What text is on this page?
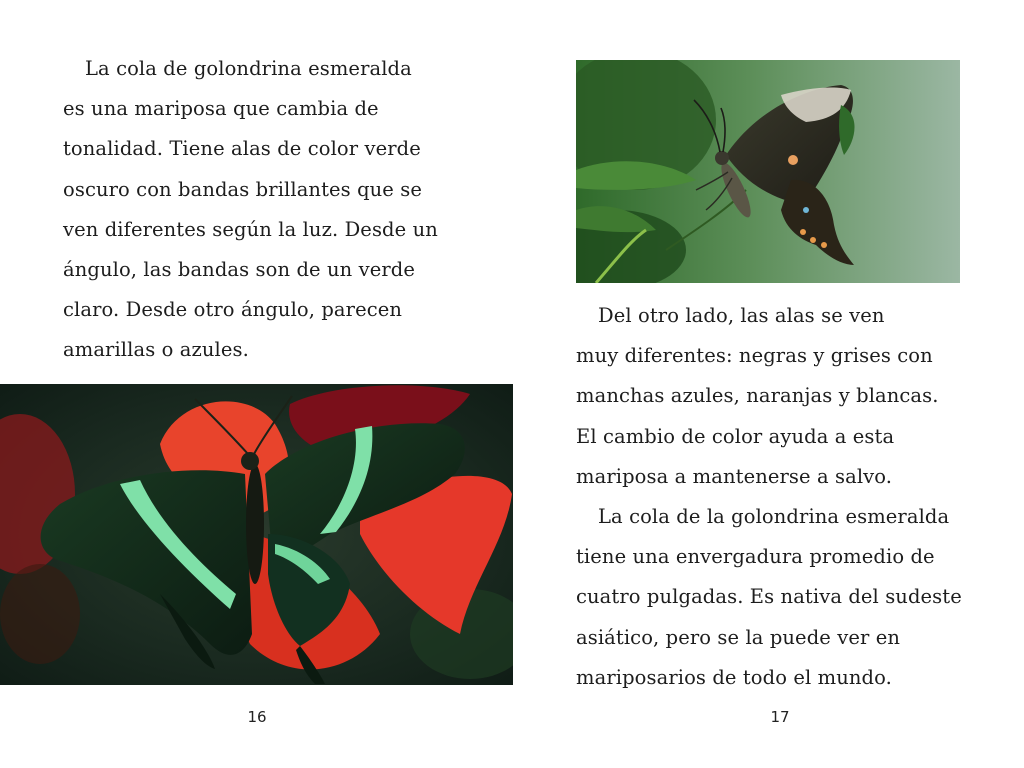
La cola de golondrina esmeralda

es una mariposa que cambia de

tonalidad. Tiene alas de color verde

oscuro con bandas brillantes que se

ven diferentes según la luz. Desde un

ángulo, las bandas son de un verde

claro. Desde otro ángulo, parecen

amarillas o azules.

16

Del otro lado, las alas se ven

muy diferentes: negras y grises con

manchas azules, naranjas y blancas.

El cambio de color ayuda a esta

mariposa a mantenerse a salvo.

La cola de la golondrina esmeralda

tiene una envergadura promedio de

cuatro pulgadas. Es nativa del sudeste

asiático, pero se la puede ver en

mariposarios de todo el mundo.

17
